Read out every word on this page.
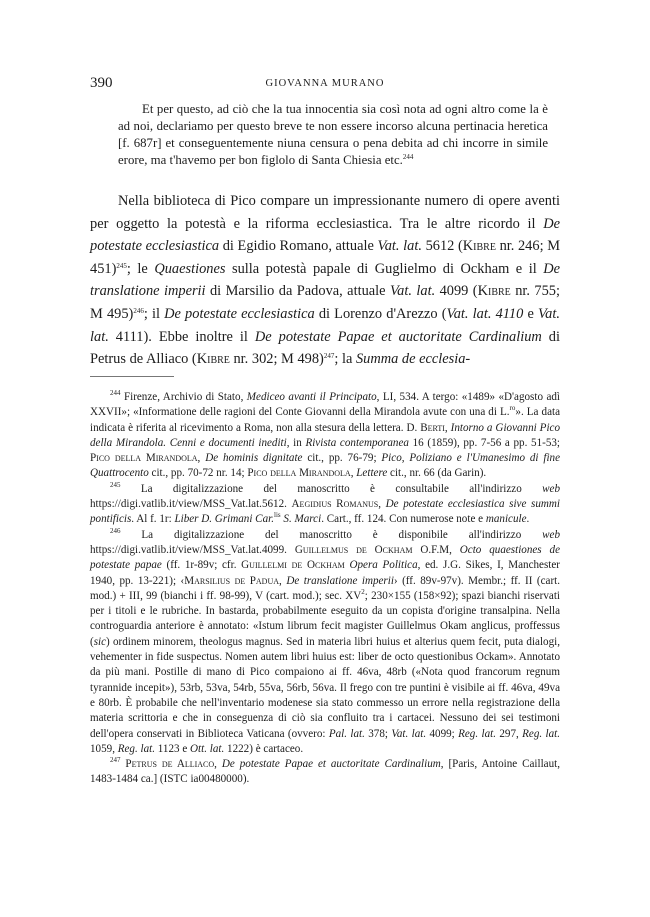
390	GIOVANNA MURANO

Et per questo, ad ciò che la tua innocentia sia così nota ad ogni altro come la è ad noi, declariamo per questo breve te non essere incorso alcuna pertinacia heretica [f. 687r] et conseguentemente niuna censura o pena debita ad chi incorre in simile erore, ma t'havemo per bon figlolo di Santa Chiesia etc.$^{244}$

Nella biblioteca di Pico compare un impressionante numero di opere aventi per oggetto la potestà e la riforma ecclesiastica. Tra le altre ricordo il De potestate ecclesiastica di Egidio Romano, attuale Vat. lat. 5612 (Kibre nr. 246; M 451)$^{245}$; le Quaestiones sulla potestà papale di Guglielmo di Ockham e il De translatione imperii di Marsilio da Padova, attuale Vat. lat. 4099 (Kibre nr. 755; M 495)$^{246}$; il De potestate ecclesiastica di Lorenzo d'Arezzo (Vat. lat. 4110 e Vat. lat. 4111). Ebbe inoltre il De potestate Papae et auctoritate Cardinalium di Petrus de Alliaco (Kibre nr. 302; M 498)$^{247}$; la Summa de ecclesia-

$^{244}$ Firenze, Archivio di Stato, Mediceo avanti il Principato, LI, 534. A tergo: «1489» «D'agosto adì XXVII»; «Informatione delle ragioni del Conte Giovanni della Mirandola avute con una di L.$^{ro}$». La data indicata è riferita al ricevimento a Roma, non alla stesura della lettera. D. Berti, Intorno a Giovanni Pico della Mirandola. Cenni e documenti inediti, in Rivista contemporanea 16 (1859), pp. 7-56 a pp. 51-53; Pico della Mirandola, De hominis dignitate cit., pp. 76-79; Pico, Poliziano e l'Umanesimo di fine Quattrocento cit., pp. 70-72 nr. 14; Pico della Mirandola, Lettere cit., nr. 66 (da Garin).

$^{245}$ La digitalizzazione del manoscritto è consultabile all'indirizzo web https://digi.vatlib.it/view/MSS_Vat.lat.5612. Aegidius Romanus, De potestate ecclesiastica sive summi pontificis. Al f. 1r: Liber D. Grimani Car.$^{lis}$ S. Marci. Cart., ff. 124. Con numerose note e manicule.

$^{246}$ La digitalizzazione del manoscritto è disponibile all'indirizzo web https://digi.vatlib.it/view/MSS_Vat.lat.4099. Guillelmus de Ockham O.F.M, Octo quaestiones de potestate papae (ff. 1r-89v; cfr. Guillelmi de Ockham Opera Politica, ed. J.G. Sikes, I, Manchester 1940, pp. 13-221); ‹Marsilius de Padua, De translatione imperii› (ff. 89v-97v). Membr.; ff. II (cart. mod.) + III, 99 (bianchi i ff. 98-99), V (cart. mod.); sec. $XV^2$; 230×155 (158×92); spazi bianchi riservati per i titoli e le rubriche. In bastarda, probabilmente eseguito da un copista d'origine transalpina. Nella controguardia anteriore è annotato: «Istum librum fecit magister Guillelmus Okam anglicus, proffessus (sic) ordinem minorem, theologus magnus. Sed in materia libri huius et alterius quem fecit, puta dialogi, vehementer in fide suspectus. Nomen autem libri huius est: liber de octo questionibus Ockam». Annotato da più mani. Postille di mano di Pico compaiono ai ff. 46va, 48rb («Nota quod francorum regnum tyrannide incepit»), 53rb, 53va, 54rb, 55va, 56rb, 56va. Il frego con tre puntini è visibile ai ff. 46va, 49va e 80rb. È probabile che nell'inventario modenese sia stato commesso un errore nella registrazione della materia scrittoria e che in conseguenza di ciò sia confluito tra i cartacei. Nessuno dei sei testimoni dell'opera conservati in Biblioteca Vaticana (ovvero: Pal. lat. 378; Vat. lat. 4099; Reg. lat. 297, Reg. lat. 1059, Reg. lat. 1123 e Ott. lat. 1222) è cartaceo.

$^{247}$ Petrus de Alliaco, De potestate Papae et auctoritate Cardinalium, [Paris, Antoine Caillaut, 1483-1484 ca.] (ISTC ia00480000).
